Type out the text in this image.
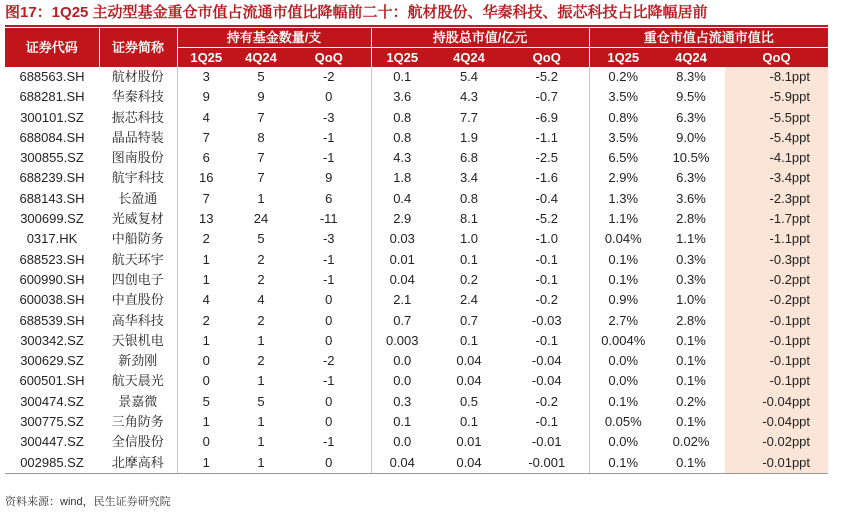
图17：1Q25 主动型基金重仓市值占流通市值比降幅前二十：航材股份、华秦科技、振芯科技占比降幅居前
证券代码	证券简称	持有基金数量/支			持股总市值/亿元			重仓市值占流通市值比		
		1Q25	4Q24	QoQ	1Q25	4Q24	QoQ	1Q25	4Q24	QoQ
688563.SH	航材股份	3	5	-2	0.1	5.4	-5.2	0.2%	8.3%	-8.1ppt
688281.SH	华秦科技	9	9	0	3.6	4.3	-0.7	3.5%	9.5%	-5.9ppt
300101.SZ	振芯科技	4	7	-3	0.8	7.7	-6.9	0.8%	6.3%	-5.5ppt
688084.SH	晶品特装	7	8	-1	0.8	1.9	-1.1	3.5%	9.0%	-5.4ppt
300855.SZ	图南股份	6	7	-1	4.3	6.8	-2.5	6.5%	10.5%	-4.1ppt
688239.SH	航宇科技	16	7	9	1.8	3.4	-1.6	2.9%	6.3%	-3.4ppt
688143.SH	长盈通	7	1	6	0.4	0.8	-0.4	1.3%	3.6%	-2.3ppt
300699.SZ	光威复材	13	24	-11	2.9	8.1	-5.2	1.1%	2.8%	-1.7ppt
0317.HK	中船防务	2	5	-3	0.03	1.0	-1.0	0.04%	1.1%	-1.1ppt
688523.SH	航天环宇	1	2	-1	0.01	0.1	-0.1	0.1%	0.3%	-0.3ppt
600990.SH	四创电子	1	2	-1	0.04	0.2	-0.1	0.1%	0.3%	-0.2ppt
600038.SH	中直股份	4	4	0	2.1	2.4	-0.2	0.9%	1.0%	-0.2ppt
688539.SH	高华科技	2	2	0	0.7	0.7	-0.03	2.7%	2.8%	-0.1ppt
300342.SZ	天银机电	1	1	0	0.003	0.1	-0.1	0.004%	0.1%	-0.1ppt
300629.SZ	新劲刚	0	2	-2	0.0	0.04	-0.04	0.0%	0.1%	-0.1ppt
600501.SH	航天晨光	0	1	-1	0.0	0.04	-0.04	0.0%	0.1%	-0.1ppt
300474.SZ	景嘉微	5	5	0	0.3	0.5	-0.2	0.1%	0.2%	-0.04ppt
300775.SZ	三角防务	1	1	0	0.1	0.1	-0.1	0.05%	0.1%	-0.04ppt
300447.SZ	全信股份	0	1	-1	0.0	0.01	-0.01	0.0%	0.02%	-0.02ppt
002985.SZ	北摩高科	1	1	0	0.04	0.04	-0.001	0.1%	0.1%	-0.01ppt
资料来源：wind，民生证券研究院
